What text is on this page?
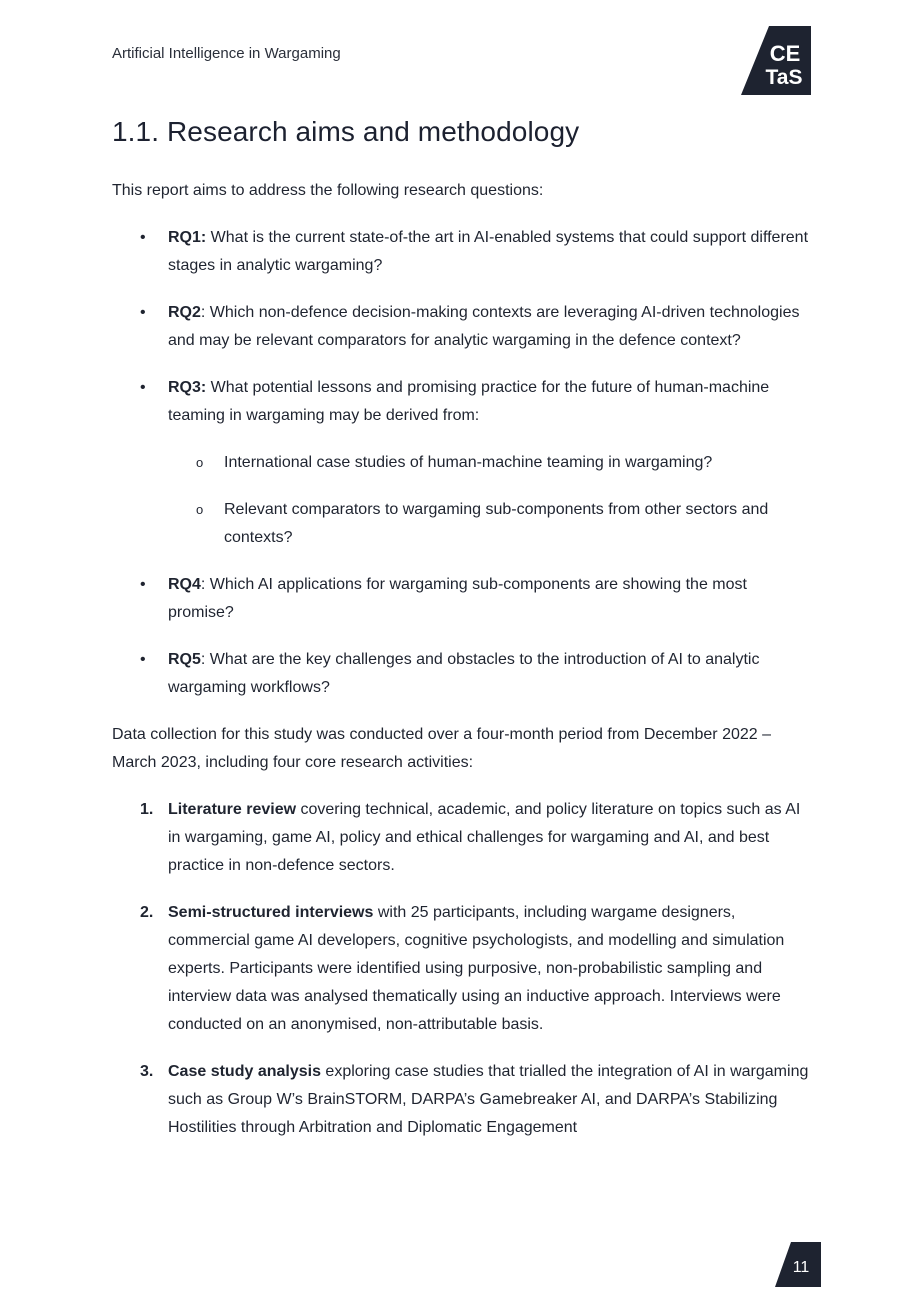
Artificial Intelligence in Wargaming	CE
TaS
1.1. Research aims and methodology

This report aims to address the following research questions:

• RQ1: What is the current state-of-the art in AI-enabled systems that could support different stages in analytic wargaming?
• RQ2: Which non-defence decision-making contexts are leveraging AI-driven technologies and may be relevant comparators for analytic wargaming in the defence context?
• RQ3: What potential lessons and promising practice for the future of human-machine teaming in wargaming may be derived from:
o International case studies of human-machine teaming in wargaming?
o Relevant comparators to wargaming sub-components from other sectors and contexts?
• RQ4: Which AI applications for wargaming sub-components are showing the most promise?
• RQ5: What are the key challenges and obstacles to the introduction of AI to analytic wargaming workflows?

Data collection for this study was conducted over a four-month period from December 2022 – March 2023, including four core research activities:

1. Literature review covering technical, academic, and policy literature on topics such as AI in wargaming, game AI, policy and ethical challenges for wargaming and AI, and best practice in non-defence sectors.
2. Semi-structured interviews with 25 participants, including wargame designers, commercial game AI developers, cognitive psychologists, and modelling and simulation experts. Participants were identified using purposive, non-probabilistic sampling and interview data was analysed thematically using an inductive approach. Interviews were conducted on an anonymised, non-attributable basis.
3. Case study analysis exploring case studies that trialled the integration of AI in wargaming such as Group W’s BrainSTORM, DARPA’s Gamebreaker AI, and DARPA’s Stabilizing Hostilities through Arbitration and Diplomatic Engagement
11
